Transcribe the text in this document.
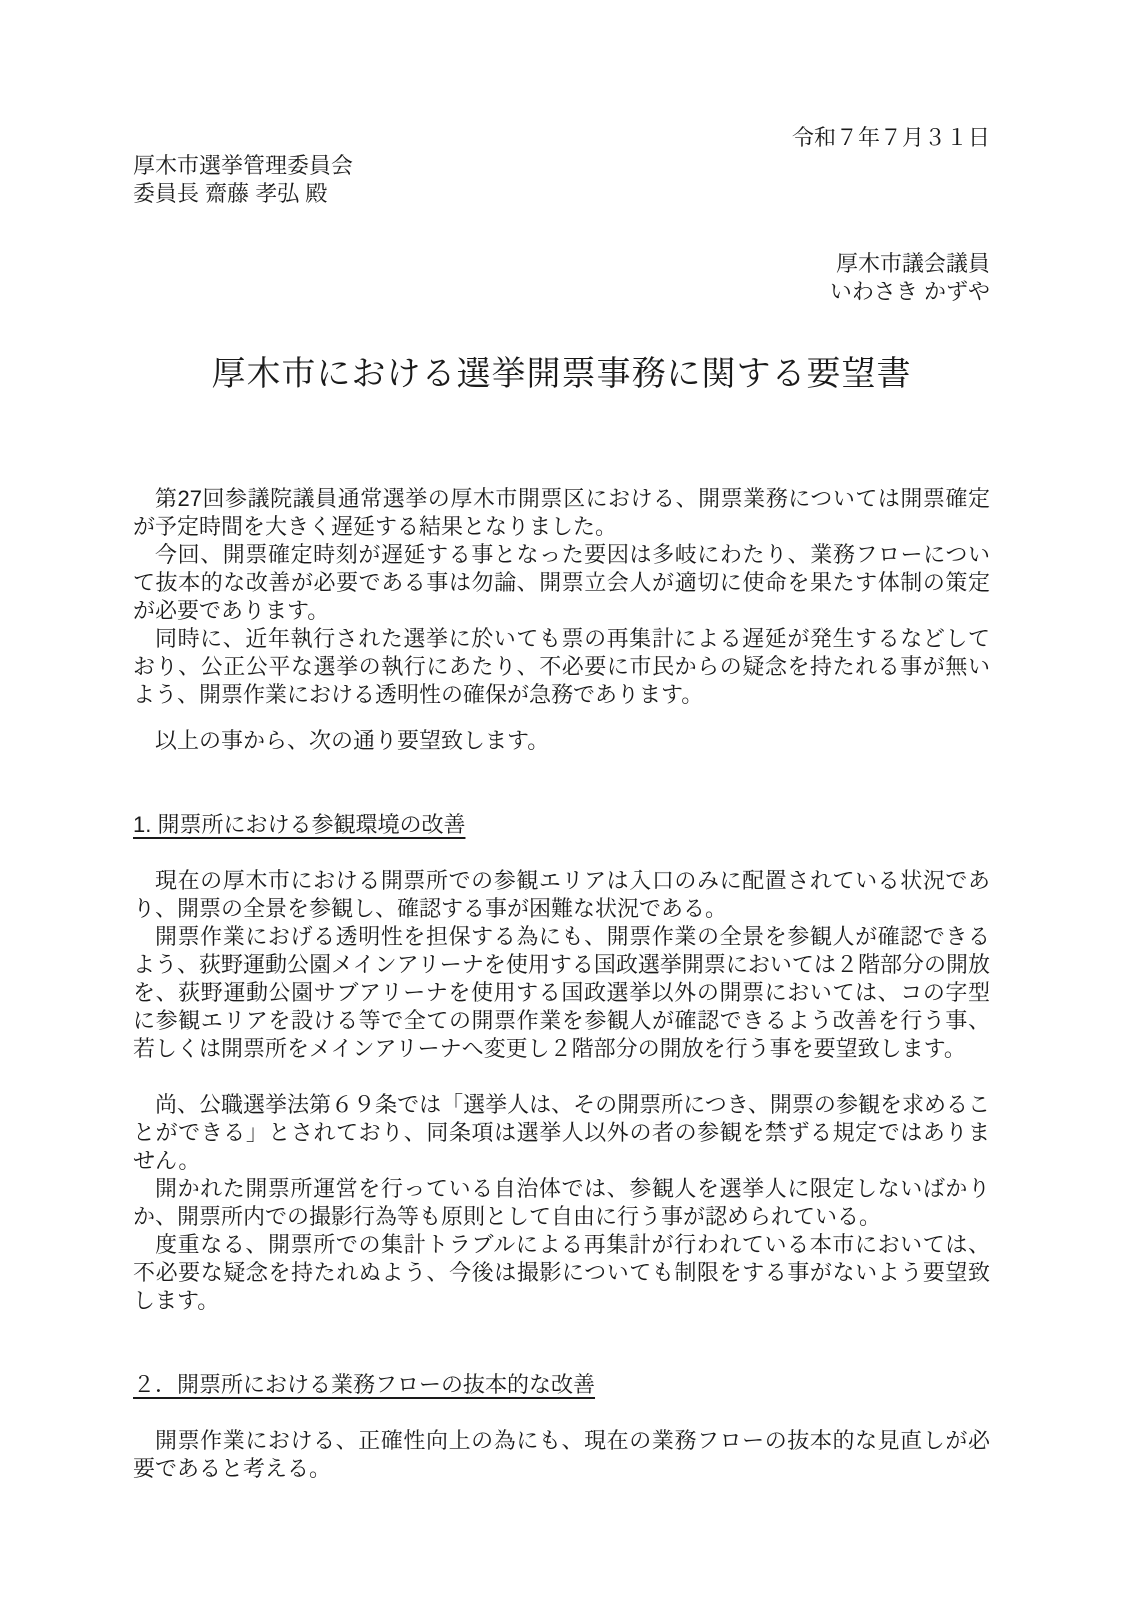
令和７年７月３１日
厚木市選挙管理委員会
委員長 齋藤 孝弘 殿
厚木市議会議員
いわさき かずや
厚木市における選挙開票事務に関する要望書

第27回参議院議員通常選挙の厚木市開票区における、開票業務については開票確定が予定時間を大きく遅延する結果となりました。

今回、開票確定時刻が遅延する事となった要因は多岐にわたり、業務フローについて抜本的な改善が必要である事は勿論、開票立会人が適切に使命を果たす体制の策定が必要であります。

同時に、近年執行された選挙に於いても票の再集計による遅延が発生するなどしており、公正公平な選挙の執行にあたり、不必要に市民からの疑念を持たれる事が無いよう、開票作業における透明性の確保が急務であります。

以上の事から、次の通り要望致します。

1. 開票所における参観環境の改善

現在の厚木市における開票所での参観エリアは入口のみに配置されている状況であり、開票の全景を参観し、確認する事が困難な状況である。

開票作業におげる透明性を担保する為にも、開票作業の全景を参観人が確認できるよう、荻野運動公園メインアリーナを使用する国政選挙開票においては２階部分の開放を、荻野運動公園サブアリーナを使用する国政選挙以外の開票においては、コの字型に参観エリアを設ける等で全ての開票作業を参観人が確認できるよう改善を行う事、若しくは開票所をメインアリーナへ変更し２階部分の開放を行う事を要望致します。

尚、公職選挙法第６９条では「選挙人は、その開票所につき、開票の参観を求めることができる」とされており、同条項は選挙人以外の者の参観を禁ずる規定ではありません。

開かれた開票所運営を行っている自治体では、参観人を選挙人に限定しないばかりか、開票所内での撮影行為等も原則として自由に行う事が認められている。

度重なる、開票所での集計トラブルによる再集計が行われている本市においては、不必要な疑念を持たれぬよう、今後は撮影についても制限をする事がないよう要望致します。

２．開票所における業務フローの抜本的な改善

開票作業における、正確性向上の為にも、現在の業務フローの抜本的な見直しが必要であると考える。
